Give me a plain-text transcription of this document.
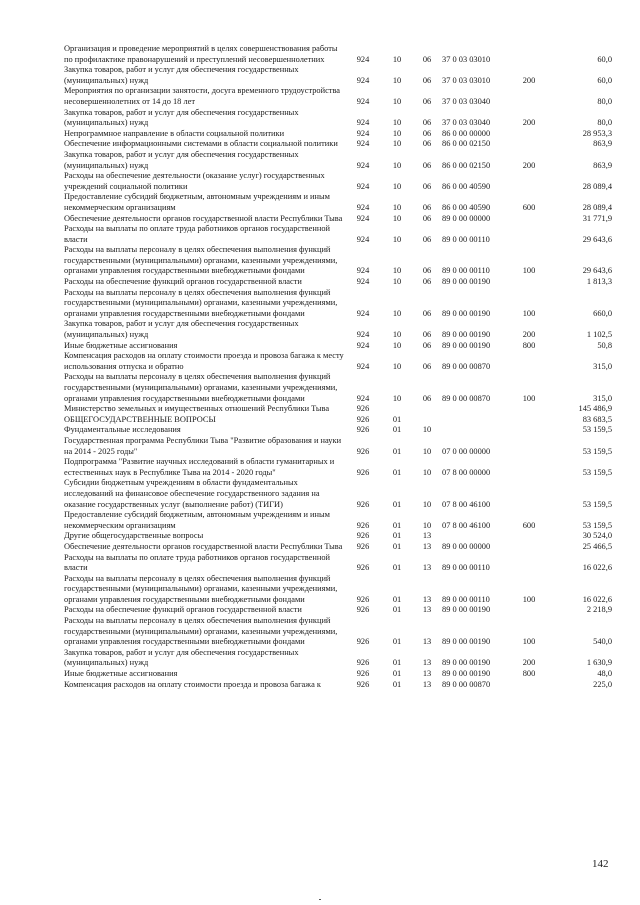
Организация и проведение мероприятий в целях совершенствования работы по профилактике правонарушений и преступлений несовершеннолетних	924	10	06	37 0 03 03010		60,0
Закупка товаров, работ и услуг для обеспечения государственных (муниципальных) нужд	924	10	06	37 0 03 03010	200	60,0
Мероприятия по организации занятости, досуга временного трудоустройства несовершеннолетних от 14 до 18 лет	924	10	06	37 0 03 03040		80,0
Закупка товаров, работ и услуг для обеспечения государственных (муниципальных) нужд	924	10	06	37 0 03 03040	200	80,0
Непрограммное направление в области социальной политики	924	10	06	86 0 00 00000		28 953,3
Обеспечение информационными системами в области социальной политики	924	10	06	86 0 00 02150		863,9
Закупка товаров, работ и услуг для обеспечения государственных (муниципальных) нужд	924	10	06	86 0 00 02150	200	863,9
Расходы на обеспечение деятельности (оказание услуг) государственных учреждений социальной политики	924	10	06	86 0 00 40590		28 089,4
Предоставление субсидий бюджетным, автономным учреждениям и иным некоммерческим организациям	924	10	06	86 0 00 40590	600	28 089,4
Обеспечение деятельности органов государственной власти Республики Тыва	924	10	06	89 0 00 00000		31 771,9
Расходы на выплаты по оплате труда работников органов государственной власти	924	10	06	89 0 00 00110		29 643,6
Расходы на выплаты персоналу в целях обеспечения выполнения функций государственными (муниципальными) органами, казенными учреждениями, органами управления государственными внебюджетными фондами	924	10	06	89 0 00 00110	100	29 643,6
Расходы на обеспечение функций органов государственной власти	924	10	06	89 0 00 00190		1 813,3
Расходы на выплаты персоналу в целях обеспечения выполнения функций государственными (муниципальными) органами, казенными учреждениями, органами управления государственными внебюджетными фондами	924	10	06	89 0 00 00190	100	660,0
Закупка товаров, работ и услуг для обеспечения государственных (муниципальных) нужд	924	10	06	89 0 00 00190	200	1 102,5
Иные бюджетные ассигнования	924	10	06	89 0 00 00190	800	50,8
Компенсация расходов на оплату стоимости проезда и провоза багажа к месту использования отпуска и обратно	924	10	06	89 0 00 00870		315,0
Расходы на выплаты персоналу в целях обеспечения выполнения функций государственными (муниципальными) органами, казенными учреждениями, органами управления государственными внебюджетными фондами	924	10	06	89 0 00 00870	100	315,0
Министерство земельных и имущественных отношений Республики Тыва	926					145 486,9
ОБЩЕГОСУДАРСТВЕННЫЕ ВОПРОСЫ	926	01				83 683,5
Фундаментальные исследования	926	01	10			53 159,5
Государственная программа Республики Тыва "Развитие образования и науки на 2014 - 2025 годы"	926	01	10	07 0 00 00000		53 159,5
Подпрограмма "Развитие научных исследований в области гуманитарных и естественных наук в Республике Тыва на 2014 - 2020 годы"	926	01	10	07 8 00 00000		53 159,5
Субсидии бюджетным учреждениям в области фундаментальных исследований на финансовое обеспечение государственного задания на оказание государственных услуг (выполнение работ) (ТИГИ)	926	01	10	07 8 00 46100		53 159,5
Предоставление субсидий бюджетным, автономным учреждениям и иным некоммерческим организациям	926	01	10	07 8 00 46100	600	53 159,5
Другие общегосударственные вопросы	926	01	13			30 524,0
Обеспечение деятельности органов государственной власти Республики Тыва	926	01	13	89 0 00 00000		25 466,5
Расходы на выплаты по оплате труда работников органов государственной власти	926	01	13	89 0 00 00110		16 022,6
Расходы на выплаты персоналу в целях обеспечения выполнения функций государственными (муниципальными) органами, казенными учреждениями, органами управления государственными внебюджетными фондами	926	01	13	89 0 00 00110	100	16 022,6
Расходы на обеспечение функций органов государственной власти	926	01	13	89 0 00 00190		2 218,9
Расходы на выплаты персоналу в целях обеспечения выполнения функций государственными (муниципальными) органами, казенными учреждениями, органами управления государственными внебюджетными фондами	926	01	13	89 0 00 00190	100	540,0
Закупка товаров, работ и услуг для обеспечения государственных (муниципальных) нужд	926	01	13	89 0 00 00190	200	1 630,9
Иные бюджетные ассигнования	926	01	13	89 0 00 00190	800	48,0
Компенсация расходов на оплату стоимости проезда и провоза багажа к	926	01	13	89 0 00 00870		225,0
142
